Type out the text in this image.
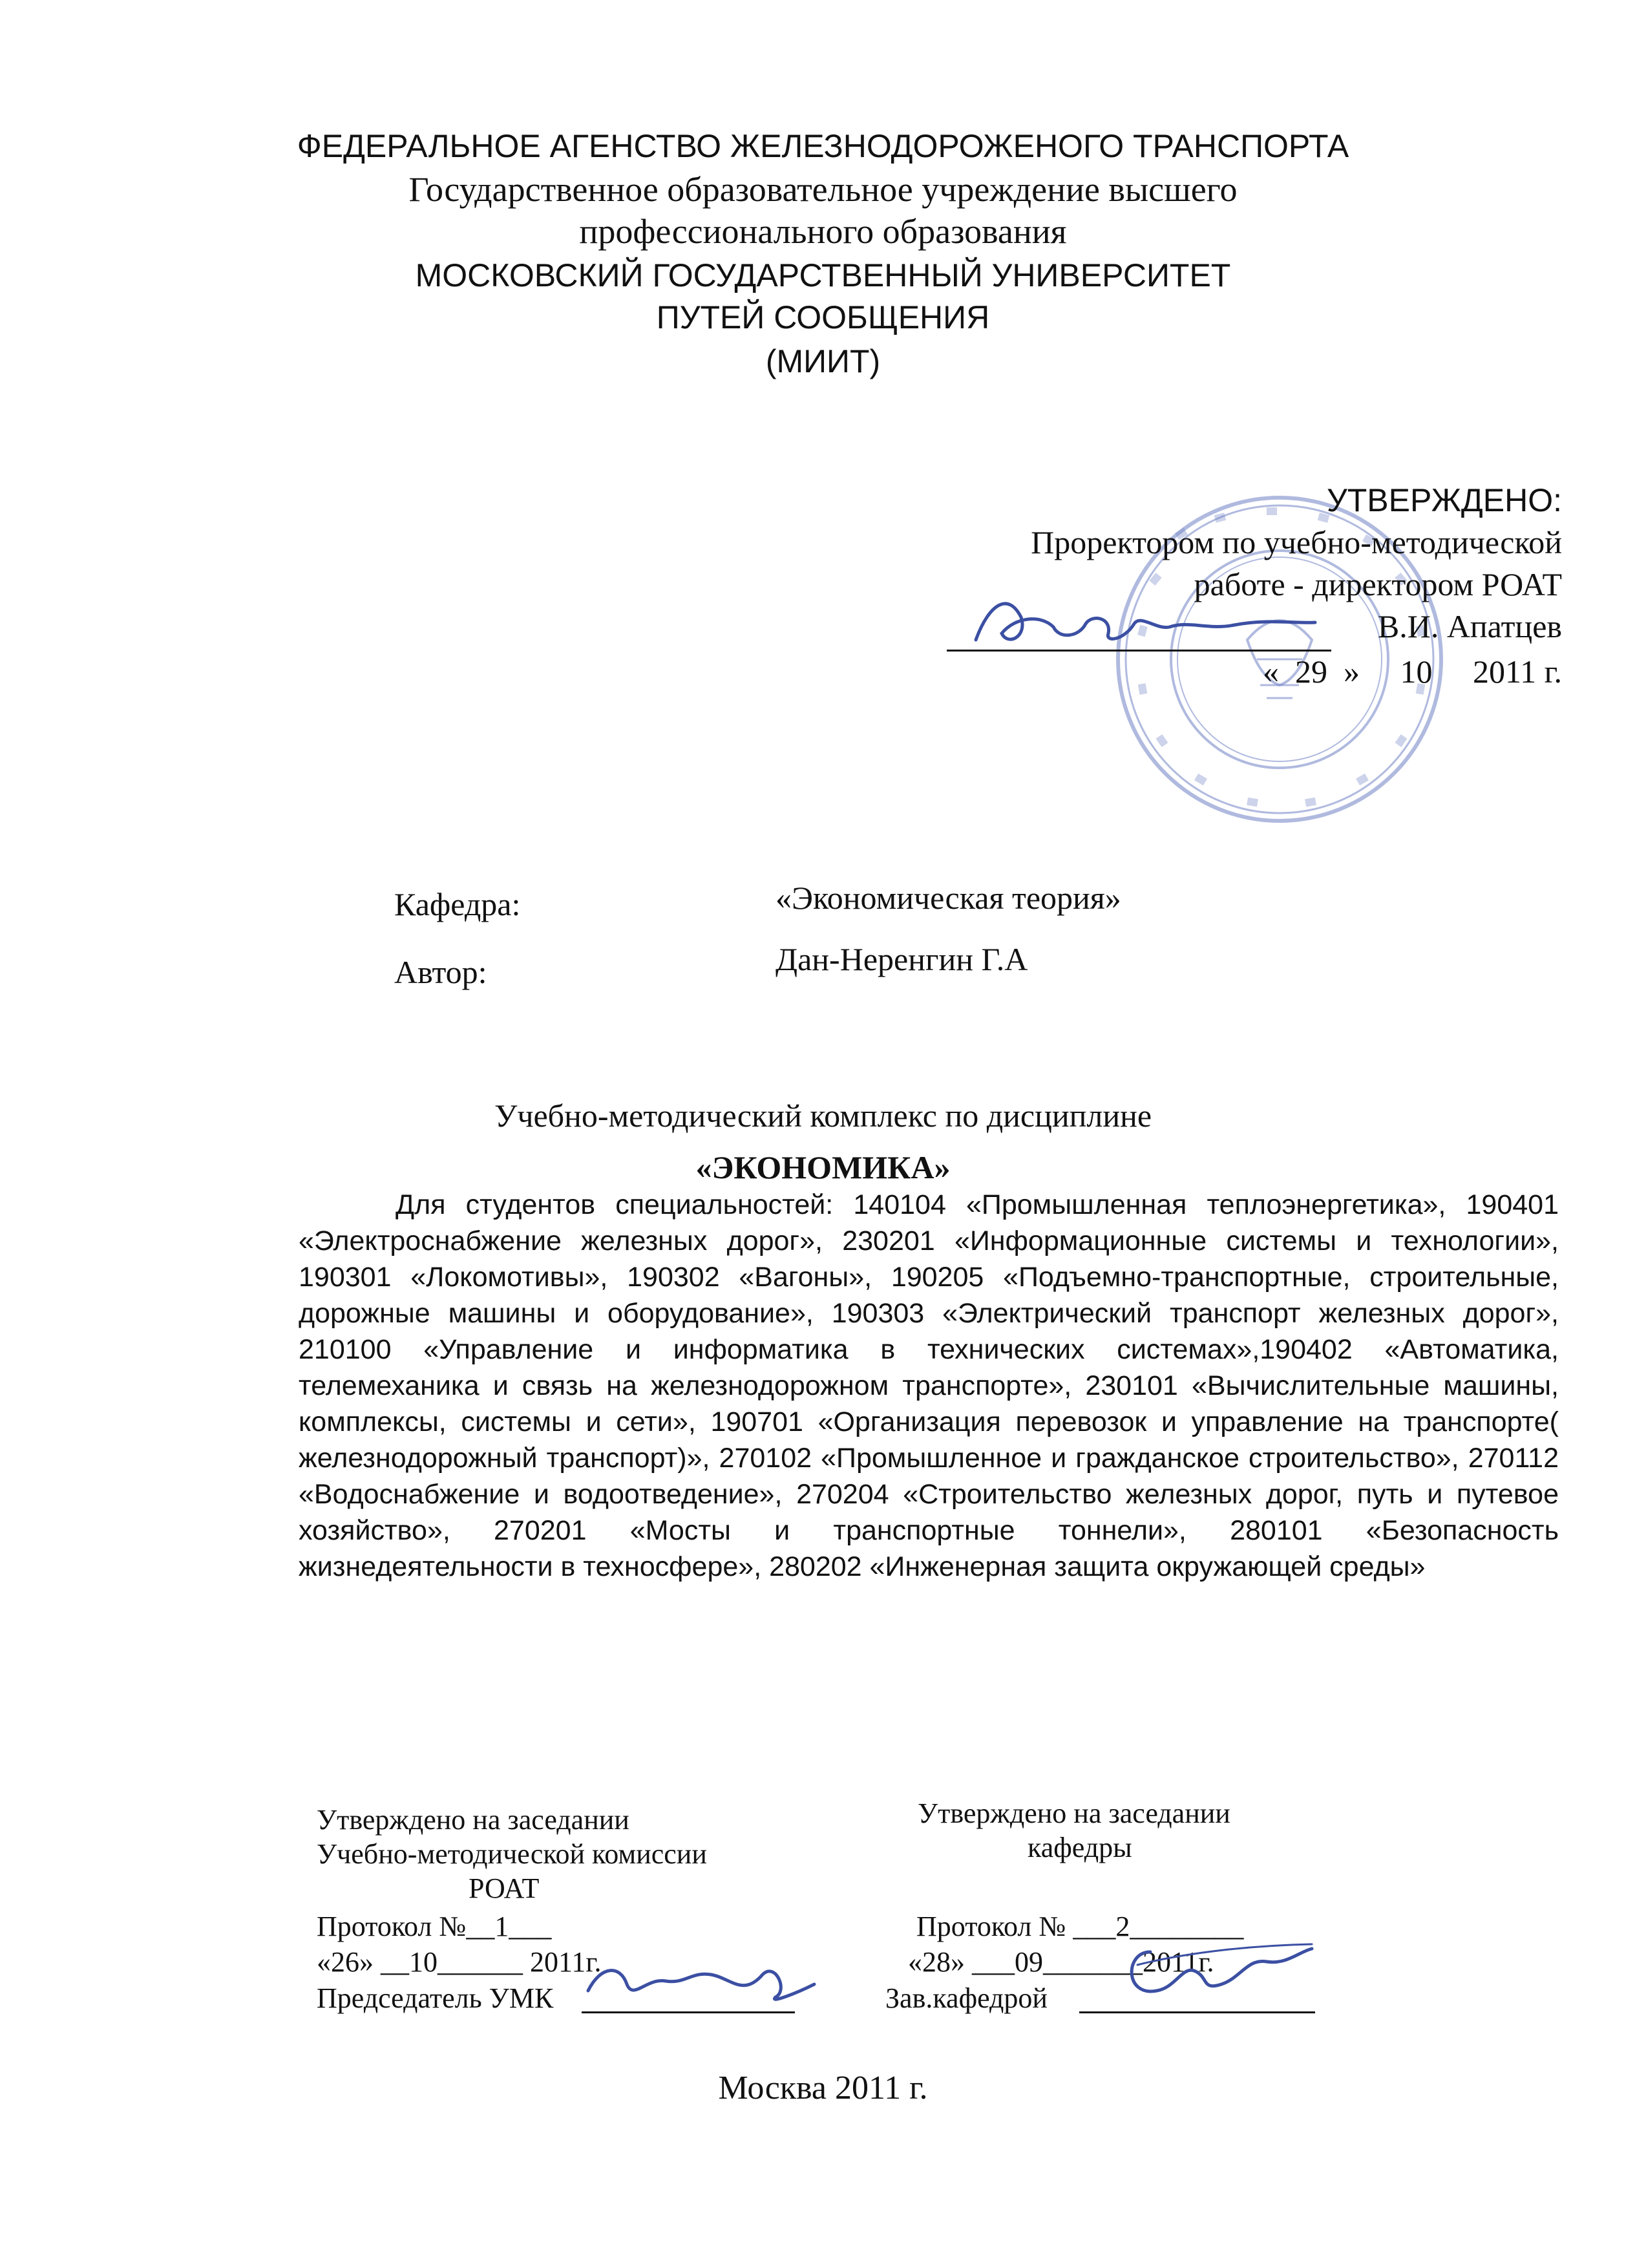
ФЕДЕРАЛЬНОЕ АГЕНСТВО ЖЕЛЕЗНОДОРОЖЕНОГО ТРАНСПОРТА
Государственное образовательное учреждение высшего
профессионального образования
МОСКОВСКИЙ ГОСУДАРСТВЕННЫЙ УНИВЕРСИТЕТ
ПУТЕЙ СООБЩЕНИЯ
(МИИТ)
УТВЕРЖДЕНО:
Проректором по учебно-методической
работе - директором РОАТ
В.И. Апатцев
«  29  »     10     2011 г.
Кафедра:	«Экономическая теория»
Автор:	Дан-Неренгин Г.А
Учебно-методический комплекс по дисциплине
«ЭКОНОМИКА»
Для студентов специальностей: 140104 «Промышленная теплоэнергетика», 190401 «Электроснабжение железных дорог», 230201 «Информационные системы и технологии», 190301 «Локомотивы», 190302 «Вагоны», 190205 «Подъемно-транспортные, строительные, дорожные машины и оборудование», 190303 «Электрический транспорт железных дорог», 210100 «Управление и информатика в технических системах»,190402 «Автоматика, телемеханика и связь на железнодорожном транспорте», 230101 «Вычислительные машины, комплексы, системы и сети», 190701 «Организация перевозок и управление на транспорте( железнодорожный транспорт)», 270102 «Промышленное и гражданское строительство», 270112 «Водоснабжение и водоотведение», 270204 «Строительство железных дорог, путь и путевое хозяйство», 270201 «Мосты и транспортные тоннели», 280101 «Безопасность жизнедеятельности в техносфере», 280202 «Инженерная защита окружающей среды»
Утверждено на заседании
Учебно-методической комиссии
РОАТ
Протокол №__1___
«26» __10______ 2011г.
Председатель УМК
Утверждено на заседании
кафедры
Протокол № ___2________
«28» ___09_______2011г.
Зав.кафедрой
Москва 2011 г.
